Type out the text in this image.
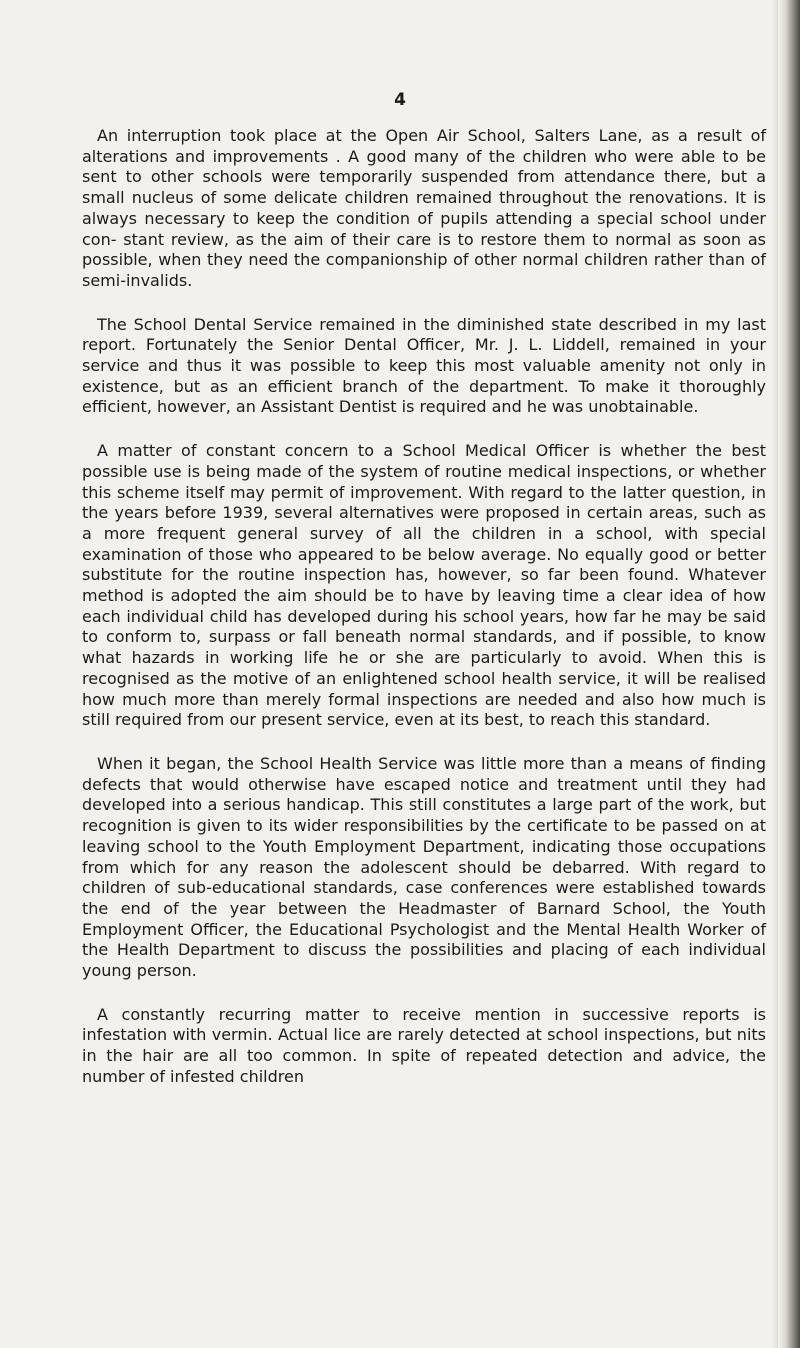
4

An interruption took place at the Open Air School, Salters Lane, as a result of alterations and improvements . A good many of the children who were able to be sent to other schools were temporarily suspended from attendance there, but a small nucleus of some delicate children remained throughout the renovations. It is always necessary to keep the condition of pupils attending a special school under con- stant review, as the aim of their care is to restore them to normal as soon as possible, when they need the companionship of other normal children rather than of semi-invalids.

The School Dental Service remained in the diminished state described in my last report. Fortunately the Senior Dental Officer, Mr. J. L. Liddell, remained in your service and thus it was possible to keep this most valuable amenity not only in existence, but as an efficient branch of the department. To make it thoroughly efficient, however, an Assistant Dentist is required and he was unobtainable.

A matter of constant concern to a School Medical Officer is whether the best possible use is being made of the system of routine medical inspections, or whether this scheme itself may permit of improvement. With regard to the latter question, in the years before 1939, several alternatives were proposed in certain areas, such as a more frequent general survey of all the children in a school, with special examination of those who appeared to be below average. No equally good or better substitute for the routine inspection has, however, so far been found. Whatever method is adopted the aim should be to have by leaving time a clear idea of how each individual child has developed during his school years, how far he may be said to conform to, surpass or fall beneath normal standards, and if possible, to know what hazards in working life he or she are particularly to avoid. When this is recognised as the motive of an enlightened school health service, it will be realised how much more than merely formal inspections are needed and also how much is still required from our present service, even at its best, to reach this standard.

When it began, the School Health Service was little more than a means of finding defects that would otherwise have escaped notice and treatment until they had developed into a serious handicap. This still constitutes a large part of the work, but recognition is given to its wider responsibilities by the certificate to be passed on at leaving school to the Youth Employment Department, indicating those occupations from which for any reason the adolescent should be debarred. With regard to children of sub-educational standards, case conferences were established towards the end of the year between the Headmaster of Barnard School, the Youth Employment Officer, the Educational Psychologist and the Mental Health Worker of the Health Department to discuss the possibilities and placing of each individual young person.

A constantly recurring matter to receive mention in successive reports is infestation with vermin. Actual lice are rarely detected at school inspections, but nits in the hair are all too common. In spite of repeated detection and advice, the number of infested children
